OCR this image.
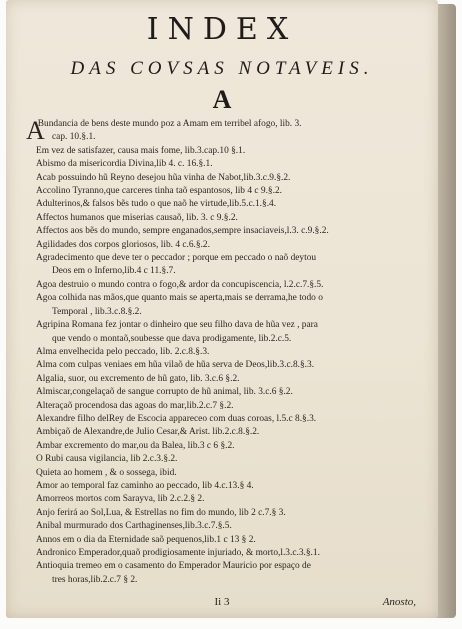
INDEX
DAS COVSAS NOTAVEIS.
A
A
Bundancia de bens deste mundo poz a Amam em terribel afogo, lib. 3.
cap. 10.§.1.
Em vez de satisfazer, causa mais fome, lib.3.cap.10 §.1.
Abismo da misericordia Divina,lib 4. c. 16.§.1.
Acab possuindo hũ Reyno desejou hũa vinha de Nabot,lib.3.c.9.§.2.
Accolino Tyranno,que carceres tinha taõ espantosos, lib 4 c 9.§.2.
Adulterinos,& falsos bẽs tudo o que naõ he virtude,lib.5.c.1.§.4.
Affectos humanos que miserias causaõ, lib. 3. c 9.§.2.
Affectos aos bẽs do mundo, sempre enganados,sempre insaciaveis,l.3. c.9.§.2.
Agilidades dos corpos gloriosos, lib. 4 c.6.§.2.
Agradecimento que deve ter o peccador ; porque em peccado o naõ deytou
Deos em o Inferno,lib.4 c 11.§.7.
Agoa destruio o mundo contra o fogo,& ardor da concupiscencia, l.2.c.7.§.5.
Agoa colhida nas mãos,que quanto mais se aperta,mais se derrama,he todo o
Temporal , lib.3.c.8.§.2.
Agripina Romana fez jontar o dinheiro que seu filho dava de hũa vez , para
que vendo o montaõ,soubesse que dava prodigamente, lib.2.c.5.
Alma envelhecida pelo peccado, lib. 2.c.8.§.3.
Alma com culpas veniaes em hũa vilaõ de hũa serva de Deos,lib.3.c.8.§.3.
Algalia, suor, ou excremento de hũ gato, lib. 3.c.6 §.2.
Almiscar,congelaçaõ de sangue corrupto de hũ animal, lib. 3.c.6 §.2.
Alteraçaõ procendosa das agoas do mar,lib.2.c.7 §.2.
Alexandre filho delRey de Escocia appareceo com duas coroas, l.5.c 8.§.3.
Ambiçaõ de Alexandre,de Julio Cesar,& Arist. lib.2.c.8.§.2.
Ambar excremento do mar,ou da Balea, lib.3 c 6 §.2.
O Rubi causa vigilancia, lib 2.c.3.§.2.
Quieta ao homem , & o sossega, ibid.
Amor ao temporal faz caminho ao peccado, lib 4.c.13.§ 4.
Amorreos mortos com Sarayva, lib 2.c.2.§ 2.
Anjo ferirá ao Sol,Lua, & Estrellas no fim do mundo, lib 2 c.7.§ 3.
Anibal murmurado dos Carthaginenses,lib.3.c.7.§.5.
Annos em o dia da Eternidade saõ pequenos,lib.1 c 13 § 2.
Andronico Emperador,quaõ prodigiosamente injuriado, & morto,l.3.c.3.§.1.
Antioquia tremeo em o casamento do Emperador Mauricio por espaço de
tres horas,lib.2.c.7 § 2.
Ii 3	Anosto,
